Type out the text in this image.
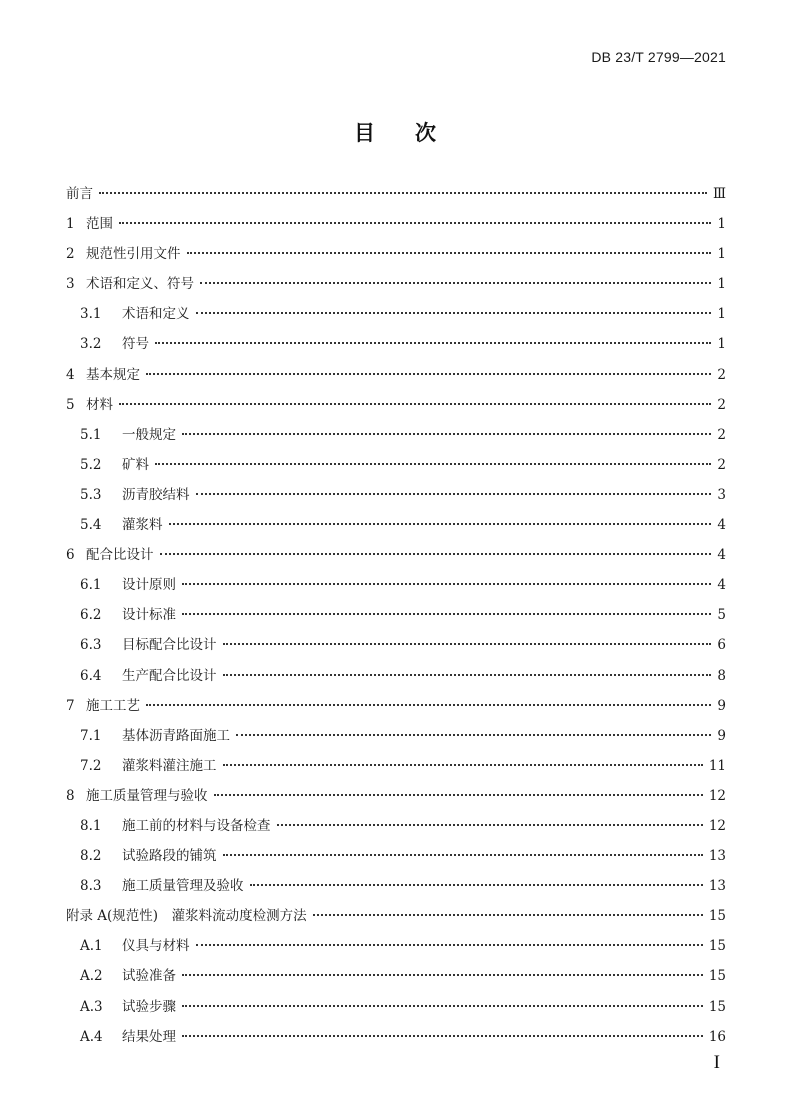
DB 23/T 2799—2021
目 次
前言	Ⅲ
1 范围	1
2 规范性引用文件	1
3 术语和定义、符号	1
3.1	术语和定义	1
3.2	符号	1
4 基本规定	2
5 材料	2
5.1	一般规定	2
5.2	矿料	2
5.3	沥青胶结料	3
5.4	灌浆料	4
6 配合比设计	4
6.1	设计原则	4
6.2	设计标准	5
6.3	目标配合比设计	6
6.4	生产配合比设计	8
7 施工工艺	9
7.1	基体沥青路面施工	9
7.2	灌浆料灌注施工	11
8 施工质量管理与验收	12
8.1	施工前的材料与设备检查	12
8.2	试验路段的铺筑	13
8.3	施工质量管理及验收	13
附录 A(规范性)　灌浆料流动度检测方法	15
A.1	仪具与材料	15
A.2	试验准备	15
A.3	试验步骤	15
A.4	结果处理	16
I
